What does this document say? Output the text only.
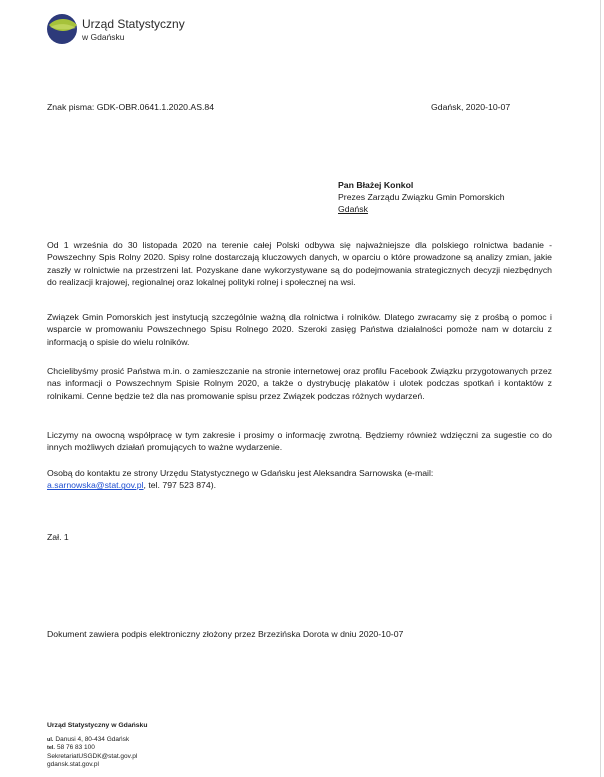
Urząd Statystyczny
w Gdańsku
Znak pisma: GDK-OBR.0641.1.2020.AS.84	Gdańsk, 2020-10-07
Pan Błażej Konkol
Prezes Zarządu Związku Gmin Pomorskich
Gdańsk

Od 1 września do 30 listopada 2020 na terenie całej Polski odbywa się najważniejsze dla polskiego rolnictwa badanie - Powszechny Spis Rolny 2020. Spisy rolne dostarczają kluczowych danych, w oparciu o które prowadzone są analizy zmian, jakie zaszły w rolnictwie na przestrzeni lat. Pozyskane dane wykorzystywane są do podejmowania strategicznych decyzji niezbędnych do realizacji krajowej, regionalnej oraz lokalnej polityki rolnej i społecznej na wsi.

Związek Gmin Pomorskich jest instytucją szczególnie ważną dla rolnictwa i rolników. Dlatego zwracamy się z prośbą o pomoc i wsparcie w promowaniu Powszechnego Spisu Rolnego 2020. Szeroki zasięg Państwa działalności pomoże nam w dotarciu z informacją o spisie do wielu rolników.

Chcielibyśmy prosić Państwa m.in. o zamieszczanie na stronie internetowej oraz profilu Facebook Związku przygotowanych przez nas informacji o Powszechnym Spisie Rolnym 2020, a także o dystrybucję plakatów i ulotek podczas spotkań i kontaktów z rolnikami. Cenne będzie też dla nas promowanie spisu przez Związek podczas różnych wydarzeń.

Liczymy na owocną współpracę w tym zakresie i prosimy o informację zwrotną. Będziemy również wdzięczni za sugestie co do innych możliwych działań promujących to ważne wydarzenie.

Osobą do kontaktu ze strony Urzędu Statystycznego w Gdańsku jest Aleksandra Sarnowska (e-mail:
a.sarnowska@stat.gov.pl, tel. 797 523 874).

Zał. 1
Dokument zawiera podpis elektroniczny złożony przez Brzezińska Dorota w dniu 2020-10-07
Urząd Statystyczny w Gdańsku
ul. Danusi 4, 80-434 Gdańsk
tel. 58 76 83 100
SekretariatUSGDK@stat.gov.pl
gdansk.stat.gov.pl
